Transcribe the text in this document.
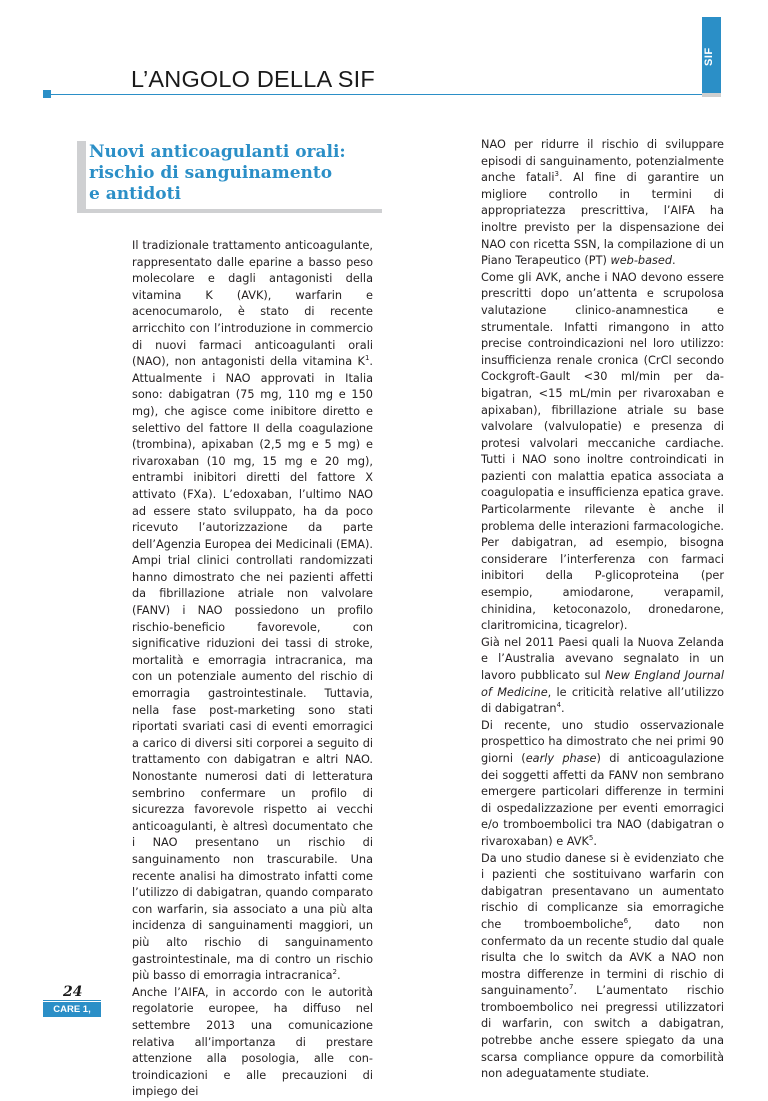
SIF
L’ANGOLO DELLA SIF
Nuovi anticoagulanti orali:
rischio di sanguinamento
e antidoti

Il tradizionale trattamento anticoagulante, rappresentato dalle eparine a basso peso molecolare e dagli antagonisti della vitamina K (AVK), warfarin e acenocumarolo, è stato di recente arricchito con l’introduzione in commercio di nuovi farmaci anticoagulanti orali (NAO), non antagonisti della vitamina $K^1$. Attualmente i NAO approvati in Italia sono: dabigatran (75 mg, 110 mg e 150 mg), che agisce come inibitore diretto e selettivo del fattore II della coagulazione (trombina), apixaban (2,5 mg e 5 mg) e rivaroxaban (10 mg, 15 mg e 20 mg), entrambi inibitori diretti del fattore X attivato (FXa). L’edoxaban, l’ultimo NAO ad essere stato sviluppato, ha da poco ricevuto l’autorizzazione da parte dell’Agenzia Europea dei Medicinali (EMA).

Ampi trial clinici controllati randomizzati hanno dimostrato che nei pazienti affetti da fibrillazione atriale non valvolare (FANV) i NAO possiedono un profilo rischio-beneficio favorevole, con significative riduzioni dei tassi di stroke, mortalità e emorragia intracranica, ma con un potenziale aumento del rischio di emorragia gastrointestinale. Tuttavia, nella fase post-marketing sono stati riportati svariati casi di eventi emorragici a carico di diversi siti corporei a seguito di trattamento con dabigatran e altri NAO. Nonostante numerosi dati di letteratura sembrino confermare un profilo di sicurezza favorevole rispetto ai vecchi anticoagulanti, è altresì documentato che i NAO presentano un rischio di sanguinamento non trascurabile. Una recente analisi ha dimostrato infatti come l’utilizzo di dabigatran, quando comparato con warfarin, sia associato a una più alta incidenza di sanguinamenti maggiori, un più alto rischio di sanguinamento gastrointestinale, ma di contro un rischio più basso di emorragia intracranica$^2$.

Anche l’AIFA, in accordo con le autorità regolatorie europee, ha diffuso nel settembre 2013 una comunicazione relativa all’importanza di prestare attenzione alla posologia, alle controindicazioni e alle precauzioni di impiego dei

NAO per ridurre il rischio di sviluppare episodi di sanguinamento, potenzialmente anche fatali$^3$. Al fine di garantire un migliore controllo in termini di appropriatezza prescrittiva, l’AIFA ha inoltre previsto per la dispensazione dei NAO con ricetta SSN, la compilazione di un Piano Terapeutico (PT) web-based.

Come gli AVK, anche i NAO devono essere prescritti dopo un’attenta e scrupolosa valutazione clinico-anamnestica e strumentale. Infatti rimangono in atto precise controindicazioni nel loro utilizzo: insufficienza renale cronica (CrCl secondo Cockgroft-Gault <30 ml/min per dabigatran, <15 mL/min per rivaroxaban e apixaban), fibrillazione atriale su base valvolare (valvulopatie) e presenza di protesi valvolari meccaniche cardiache. Tutti i NAO sono inoltre controindicati in pazienti con malattia epatica associata a coagulopatia e insufficienza epatica grave. Particolarmente rilevante è anche il problema delle interazioni farmacologiche. Per dabigatran, ad esempio, bisogna considerare l’interferenza con farmaci inibitori della P-glicoproteina (per esempio, amiodarone, verapamil, chinidina, ketoconazolo, dronedarone, claritromicina, ticagrelor).

Già nel 2011 Paesi quali la Nuova Zelanda e l’Australia avevano segnalato in un lavoro pubblicato sul New England Journal of Medicine, le criticità relative all’utilizzo di dabigatran$^4$.

Di recente, uno studio osservazionale prospettico ha dimostrato che nei primi 90 giorni (early phase) di anticoagulazione dei soggetti affetti da FANV non sembrano emergere particolari differenze in termini di ospedalizzazione per eventi emorragici e/o tromboembolici tra NAO (dabigatran o rivaroxaban) e AVK$^5$.

Da uno studio danese si è evidenziato che i pazienti che sostituivano warfarin con dabigatran presentavano un aumentato rischio di complicanze sia emorragiche che tromboemboliche$^6$, dato non confermato da un recente studio dal quale risulta che lo switch da AVK a NAO non mostra differenze in termini di rischio di sanguinamento$^7$. L’aumentato rischio tromboembolico nei pregressi utilizzatori di warfarin, con switch a dabigatran, potrebbe anche essere spiegato da una scarsa compliance oppure da comorbilità non adeguatamente studiate.

24
CARE 1, 2016
